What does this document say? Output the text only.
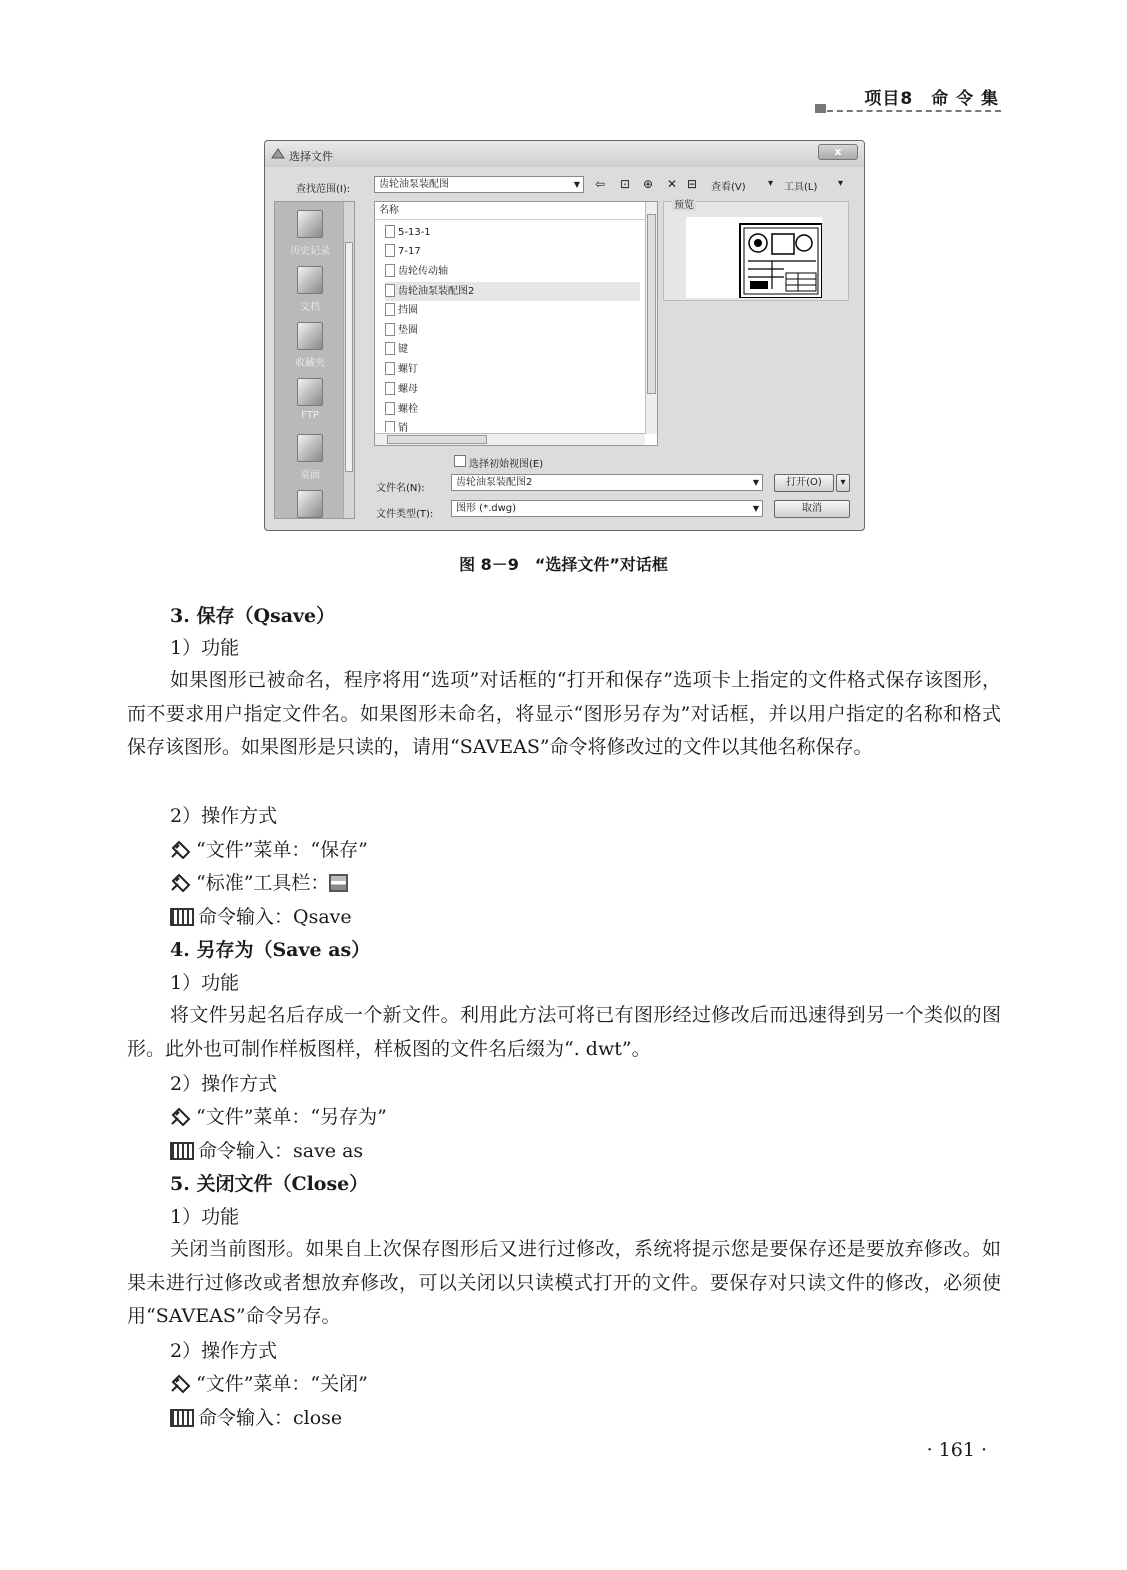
项目8　命 令 集
选择文件	x
查找范围(I):	齿轮油泵装配图	▼ ⇦ ⊡ ⊕ ✕ ⊟ 查看(V) ▾ 工具(L) ▾
历史记录
文档
收藏夹
FTP
桌面
名称
5-13-1
7-17
齿轮传动轴
齿轮油泵装配图2
挡圈
垫圈
键
螺钉
螺母
螺栓
销
预览
选择初始视图(E)
文件名(N):
齿轮油泵装配图2	▼	打开(O)	▾
文件类型(T):
图形 (*.dwg)	▼	取消
图 8－9　“选择文件”对话框
3. 保存（Qsave）
1）功能
如果图形已被命名，程序将用“选项”对话框的“打开和保存”选项卡上指定的文件格式保存该图形，而不要求用户指定文件名。如果图形未命名，将显示“图形另存为”对话框，并以用户指定的名称和格式保存该图形。如果图形是只读的，请用“SAVEAS”命令将修改过的文件以其他名称保存。
2）操作方式
“文件”菜单：“保存”
“标准”工具栏：
命令输入：Qsave
4. 另存为（Save as）
1）功能
将文件另起名后存成一个新文件。利用此方法可将已有图形经过修改后而迅速得到另一个类似的图形。此外也可制作样板图样，样板图的文件名后缀为“. dwt”。
2）操作方式
“文件”菜单：“另存为”
命令输入：save as
5. 关闭文件（Close）
1）功能
关闭当前图形。如果自上次保存图形后又进行过修改，系统将提示您是要保存还是要放弃修改。如果未进行过修改或者想放弃修改，可以关闭以只读模式打开的文件。要保存对只读文件的修改，必须使用“SAVEAS”命令另存。
2）操作方式
“文件”菜单：“关闭”
命令输入：close
· 161 ·
